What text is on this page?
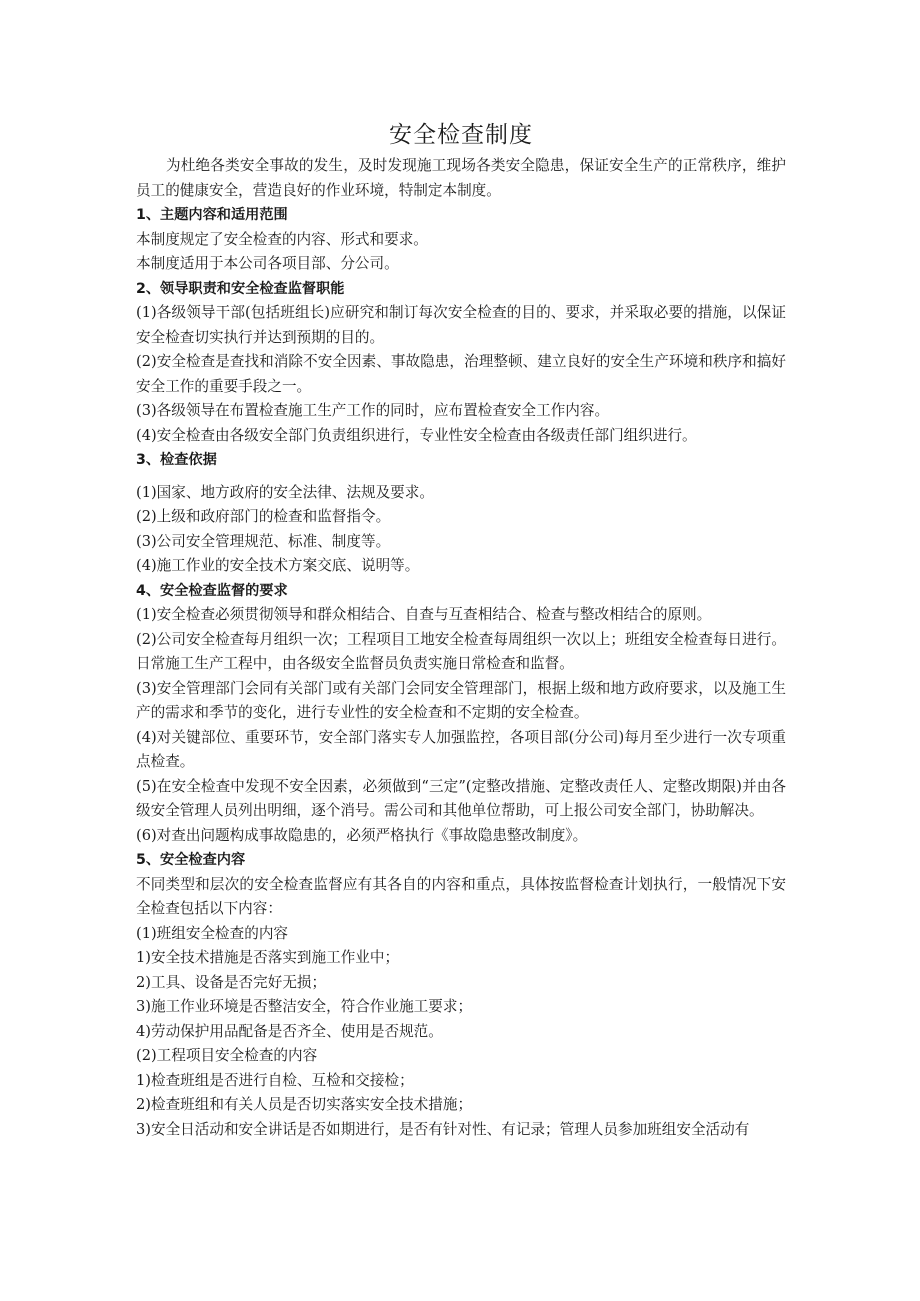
安全检查制度

为杜绝各类安全事故的发生，及时发现施工现场各类安全隐患，保证安全生产的正常秩序，维护员工的健康安全，营造良好的作业环境，特制定本制度。

1、主题内容和适用范围

本制度规定了安全检查的内容、形式和要求。

本制度适用于本公司各项目部、分公司。

2、领导职责和安全检查监督职能

(1)各级领导干部(包括班组长)应研究和制订每次安全检查的目的、要求，并采取必要的措施，以保证安全检查切实执行并达到预期的目的。

(2)安全检查是查找和消除不安全因素、事故隐患，治理整顿、建立良好的安全生产环境和秩序和搞好安全工作的重要手段之一。

(3)各级领导在布置检查施工生产工作的同时，应布置检查安全工作内容。

(4)安全检查由各级安全部门负责组织进行，专业性安全检查由各级责任部门组织进行。

3、检查依据

(1)国家、地方政府的安全法律、法规及要求。

(2)上级和政府部门的检查和监督指令。

(3)公司安全管理规范、标准、制度等。

(4)施工作业的安全技术方案交底、说明等。

4、安全检查监督的要求

(1)安全检查必须贯彻领导和群众相结合、自查与互查相结合、检查与整改相结合的原则。

(2)公司安全检查每月组织一次；工程项目工地安全检查每周组织一次以上；班组安全检查每日进行。日常施工生产工程中，由各级安全监督员负责实施日常检查和监督。

(3)安全管理部门会同有关部门或有关部门会同安全管理部门，根据上级和地方政府要求，以及施工生产的需求和季节的变化，进行专业性的安全检查和不定期的安全检查。

(4)对关键部位、重要环节，安全部门落实专人加强监控，各项目部(分公司)每月至少进行一次专项重点检查。

(5)在安全检查中发现不安全因素，必须做到“三定”(定整改措施、定整改责任人、定整改期限)并由各级安全管理人员列出明细，逐个消号。需公司和其他单位帮助，可上报公司安全部门，协助解决。

(6)对查出问题构成事故隐患的，必须严格执行《事故隐患整改制度》。

5、安全检查内容

不同类型和层次的安全检查监督应有其各自的内容和重点，具体按监督检查计划执行，一般情况下安全检查包括以下内容：

(1)班组安全检查的内容

1)安全技术措施是否落实到施工作业中；

2)工具、设备是否完好无损；

3)施工作业环境是否整洁安全，符合作业施工要求；

4)劳动保护用品配备是否齐全、使用是否规范。

(2)工程项目安全检查的内容

1)检查班组是否进行自检、互检和交接检；

2)检查班组和有关人员是否切实落实安全技术措施；

3)安全日活动和安全讲话是否如期进行，是否有针对性、有记录；管理人员参加班组安全活动有
